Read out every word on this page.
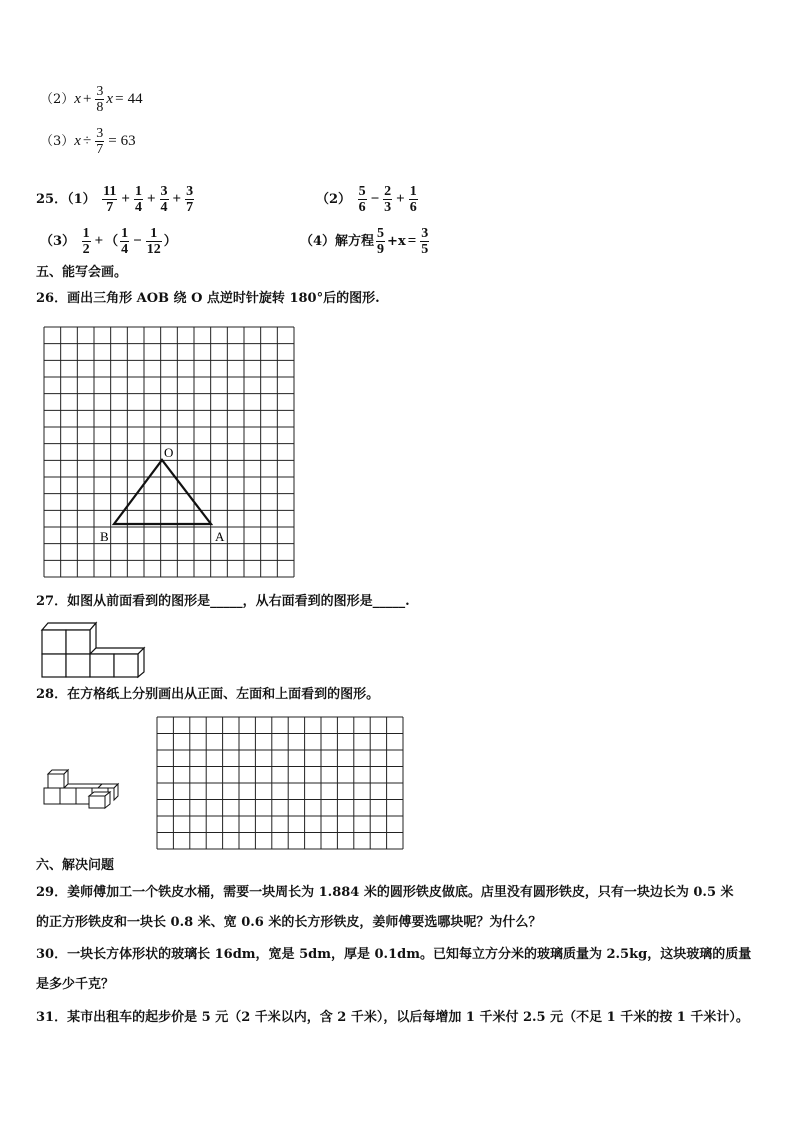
$(2)x + \frac{3}{8}$ x = 44
$(3)x \div \frac{3}{7} = 63$
25．$(1) \frac{11}{7} + \frac{1}{4} + \frac{3}{4} + \frac{3}{7}$	$(2) \frac{5}{6} - \frac{2}{3} + \frac{1}{6}$
$(3) \frac{1}{2}$ + （ $\frac{1}{4} - \frac{1}{12}$ ）	（4）解方程 $\frac{5}{9} +x = \frac{3}{5}$
五、能写会画。
26．画出三角形 AOB 绕 O 点逆时针旋转 180°后的图形.
O
B	A
27．如图从前面看到的图形是_____，从右面看到的图形是_____.
28．在方格纸上分别画出从正面、左面和上面看到的图形。
六、解决问题
29．姜师傅加工一个铁皮水桶，需要一块周长为 1.884 米的圆形铁皮做底。店里没有圆形铁皮，只有一块边长为 0.5 米
的正方形铁皮和一块长 0.8 米、宽 0.6 米的长方形铁皮，姜师傅要选哪块呢？为什么？
30．一块长方体形状的玻璃长 16dm，宽是 5dm，厚是 0.1dm。已知每立方分米的玻璃质量为 2.5kg，这块玻璃的质量
是多少千克？
31．某市出租车的起步价是 5 元（2 千米以内，含 2 千米），以后每增加 1 千米付 2.5 元（不足 1 千米的按 1 千米计）。
